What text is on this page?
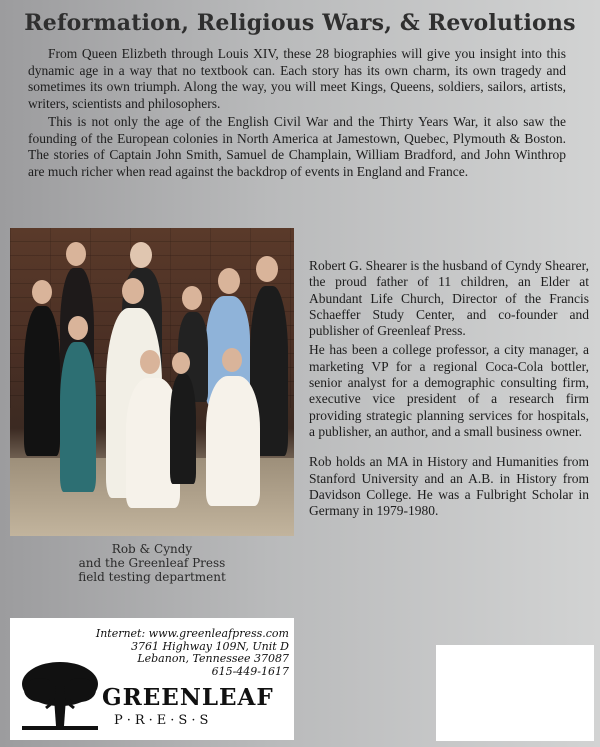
Reformation, Religious Wars, & Revolutions

From Queen Elizbeth through Louis XIV, these 28 biographies will give you insight into this dynamic age in a way that no textbook can. Each story has its own charm, its own tragedy and sometimes its own triumph. Along the way, you will meet Kings, Queens, soldiers, sailors, artists, writers, scientists and philosophers.

This is not only the age of the English Civil War and the Thirty Years War, it also saw the founding of the European colonies in North America at Jamestown, Quebec, Plymouth & Boston. The stories of Captain John Smith, Samuel de Champlain, William Bradford, and John Winthrop are much richer when read against the backdrop of events in England and France.

Rob & Cyndy
and the Greenleaf Press
field testing department

Robert G. Shearer is the husband of Cyndy Shearer, the proud father of 11 children, an Elder at Abundant Life Church, Director of the Francis Schaeffer Study Center, and co-founder and publisher of Greenleaf Press.

He has been a college professor, a city manager, a marketing VP for a regional Coca-Cola bottler, senior analyst for a demographic consulting firm, executive vice president of a research firm providing strategic planning services for hospitals, a publisher, an author, and a small business owner.

Rob holds an MA in History and Humanities from Stanford University and an A.B. in History from Davidson College. He was a Fulbright Scholar in Germany in 1979-1980.

Internet: www.greenleafpress.com
3761 Highway 109N, Unit D
Lebanon, Tennessee 37087
615-449-1617
GREENLEAF
P·R·E·S·S
